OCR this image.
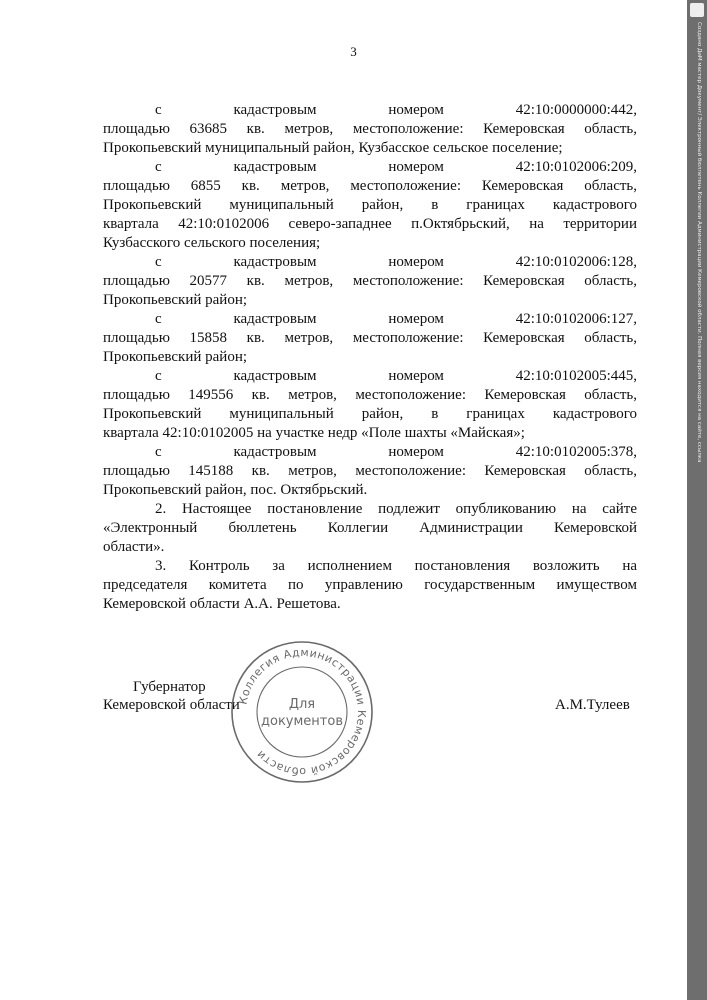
3

с кадастровым номером 42:10:0000000:442,

площадью 63685 кв. метров, местоположение: Кемеровская область,

Прокопьевский муниципальный район, Кузбасское сельское поселение;

с кадастровым номером 42:10:0102006:209,

площадью 6855 кв. метров, местоположение: Кемеровская область,

Прокопьевский муниципальный район, в границах кадастрового

квартала 42:10:0102006 северо-западнее п.Октябрьский, на территории

Кузбасского сельского поселения;

с кадастровым номером 42:10:0102006:128,

площадью 20577 кв. метров, местоположение: Кемеровская область,

Прокопьевский район;

с кадастровым номером 42:10:0102006:127,

площадью 15858 кв. метров, местоположение: Кемеровская область,

Прокопьевский район;

с кадастровым номером 42:10:0102005:445,

площадью 149556 кв. метров, местоположение: Кемеровская область,

Прокопьевский муниципальный район, в границах кадастрового

квартала 42:10:0102005 на участке недр «Поле шахты «Майская»;

с кадастровым номером 42:10:0102005:378,

площадью 145188 кв. метров, местоположение: Кемеровская область,

Прокопьевский район, пос. Октябрьский.

2. Настоящее постановление подлежит опубликованию на сайте

«Электронный бюллетень Коллегии Администрации Кемеровской

области».

3. Контроль за исполнением постановления возложить на

председателя комитета по управлению государственным имуществом

Кемеровской области А.А. Решетова.

Губернатор
Кемеровской области	А.М.Тулеев
Коллегия Администрации Кемеровской области
Для
документов
Создано ДиМ мастер Документ/ Электронный бюллетень Коллегии Администрации Кемеровской области. Полная версия находится на сайте, ссылка
